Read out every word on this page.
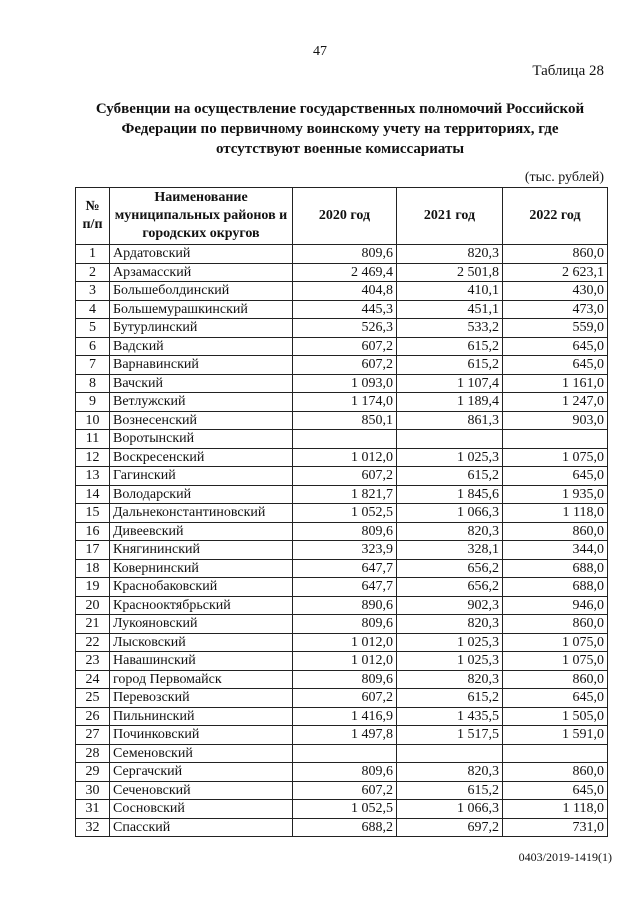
47
Таблица 28
Субвенции на осуществление государственных полномочий Российской
Федерации по первичному воинскому учету на территориях, где
отсутствуют военные комиссариаты
(тыс. рублей)
№
п/п	Наименование муниципальных районов и городских округов	2020 год	2021 год	2022 год
1	Ардатовский	809,6	820,3	860,0
2	Арзамасский	2 469,4	2 501,8	2 623,1
3	Большеболдинский	404,8	410,1	430,0
4	Большемурашкинский	445,3	451,1	473,0
5	Бутурлинский	526,3	533,2	559,0
6	Вадский	607,2	615,2	645,0
7	Варнавинский	607,2	615,2	645,0
8	Вачский	1 093,0	1 107,4	1 161,0
9	Ветлужский	1 174,0	1 189,4	1 247,0
10	Вознесенский	850,1	861,3	903,0
11	Воротынский			
12	Воскресенский	1 012,0	1 025,3	1 075,0
13	Гагинский	607,2	615,2	645,0
14	Володарский	1 821,7	1 845,6	1 935,0
15	Дальнеконстантиновский	1 052,5	1 066,3	1 118,0
16	Дивеевский	809,6	820,3	860,0
17	Княгининский	323,9	328,1	344,0
18	Ковернинский	647,7	656,2	688,0
19	Краснобаковский	647,7	656,2	688,0
20	Краснооктябрьский	890,6	902,3	946,0
21	Лукояновский	809,6	820,3	860,0
22	Лысковский	1 012,0	1 025,3	1 075,0
23	Навашинский	1 012,0	1 025,3	1 075,0
24	город Первомайск	809,6	820,3	860,0
25	Перевозский	607,2	615,2	645,0
26	Пильнинский	1 416,9	1 435,5	1 505,0
27	Починковский	1 497,8	1 517,5	1 591,0
28	Семеновский			
29	Сергачский	809,6	820,3	860,0
30	Сеченовский	607,2	615,2	645,0
31	Сосновский	1 052,5	1 066,3	1 118,0
32	Спасский	688,2	697,2	731,0
0403/2019-1419(1)
